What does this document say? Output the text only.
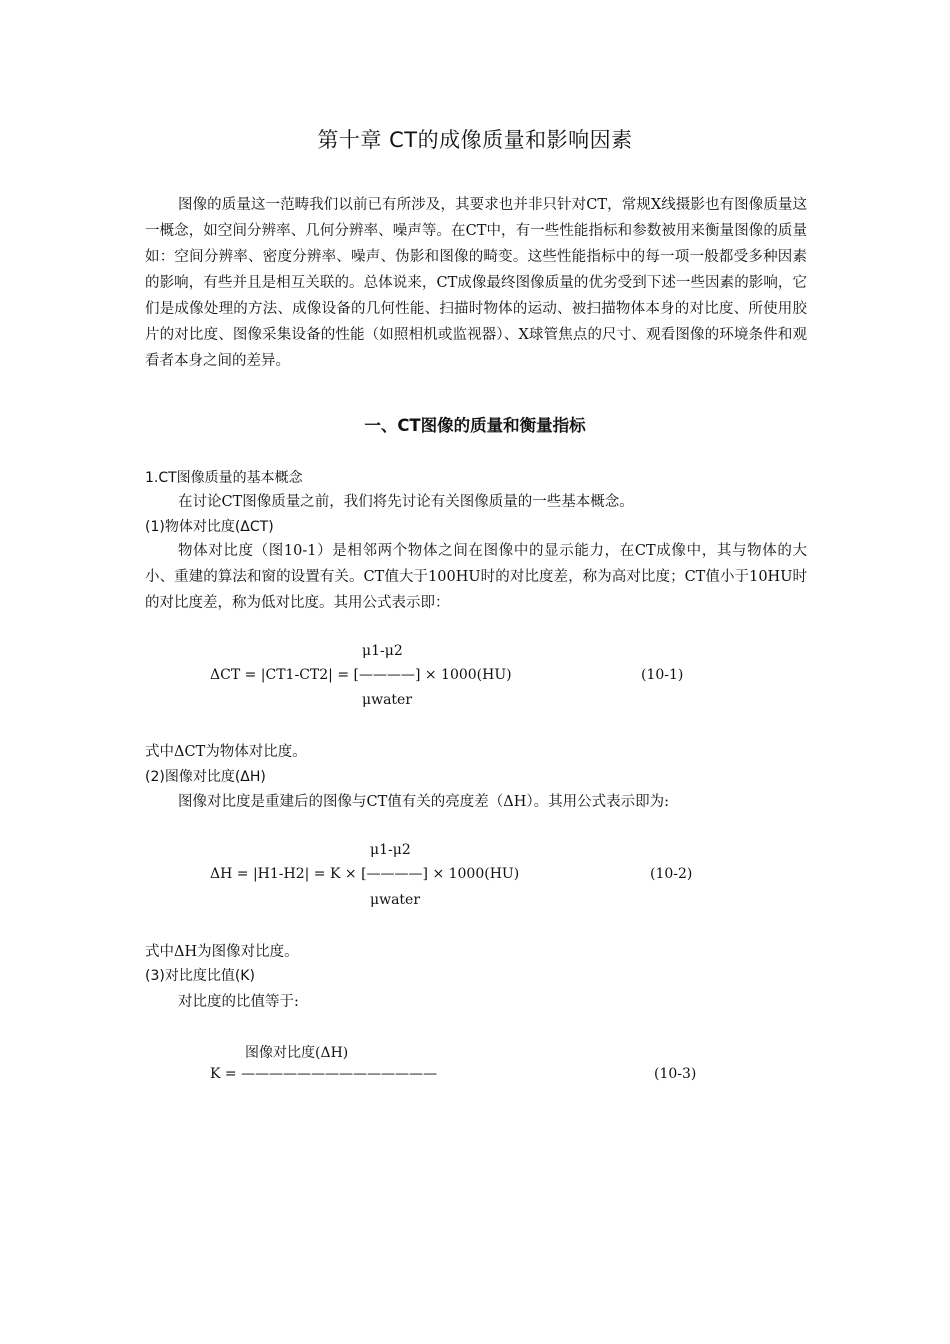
第十章 CT的成像质量和影响因素
图像的质量这一范畴我们以前已有所涉及，其要求也并非只针对CT，常规X线摄影也有图像质量这一概念，如空间分辨率、几何分辨率、噪声等。在CT中，有一些性能指标和参数被用来衡量图像的质量如：空间分辨率、密度分辨率、噪声、伪影和图像的畸变。这些性能指标中的每一项一般都受多种因素的影响，有些并且是相互关联的。总体说来，CT成像最终图像质量的优劣受到下述一些因素的影响，它们是成像处理的方法、成像设备的几何性能、扫描时物体的运动、被扫描物体本身的对比度、所使用胶片的对比度、图像采集设备的性能（如照相机或监视器）、X球管焦点的尺寸、观看图像的环境条件和观看者本身之间的差异。
一、CT图像的质量和衡量指标
1.CT图像质量的基本概念
在讨论CT图像质量之前，我们将先讨论有关图像质量的一些基本概念。
(1)物体对比度(ΔCT)
物体对比度（图10-1）是相邻两个物体之间在图像中的显示能力，在CT成像中，其与物体的大小、重建的算法和窗的设置有关。CT值大于100HU时的对比度差，称为高对比度；CT值小于10HU时的对比度差，称为低对比度。其用公式表示即：
μ1-μ2
ΔCT = |CT1-CT2| = [————] × 1000(HU)
μwater
(10-1)
式中ΔCT为物体对比度。
(2)图像对比度(ΔH)
图像对比度是重建后的图像与CT值有关的亮度差（ΔH）。其用公式表示即为:
μ1-μ2
ΔH = |H1-H2| = K × [————] × 1000(HU)
μwater
(10-2)
式中ΔH为图像对比度。
(3)对比度比值(K)
对比度的比值等于:
图像对比度(ΔH)
K = ——————————————	(10-3)
